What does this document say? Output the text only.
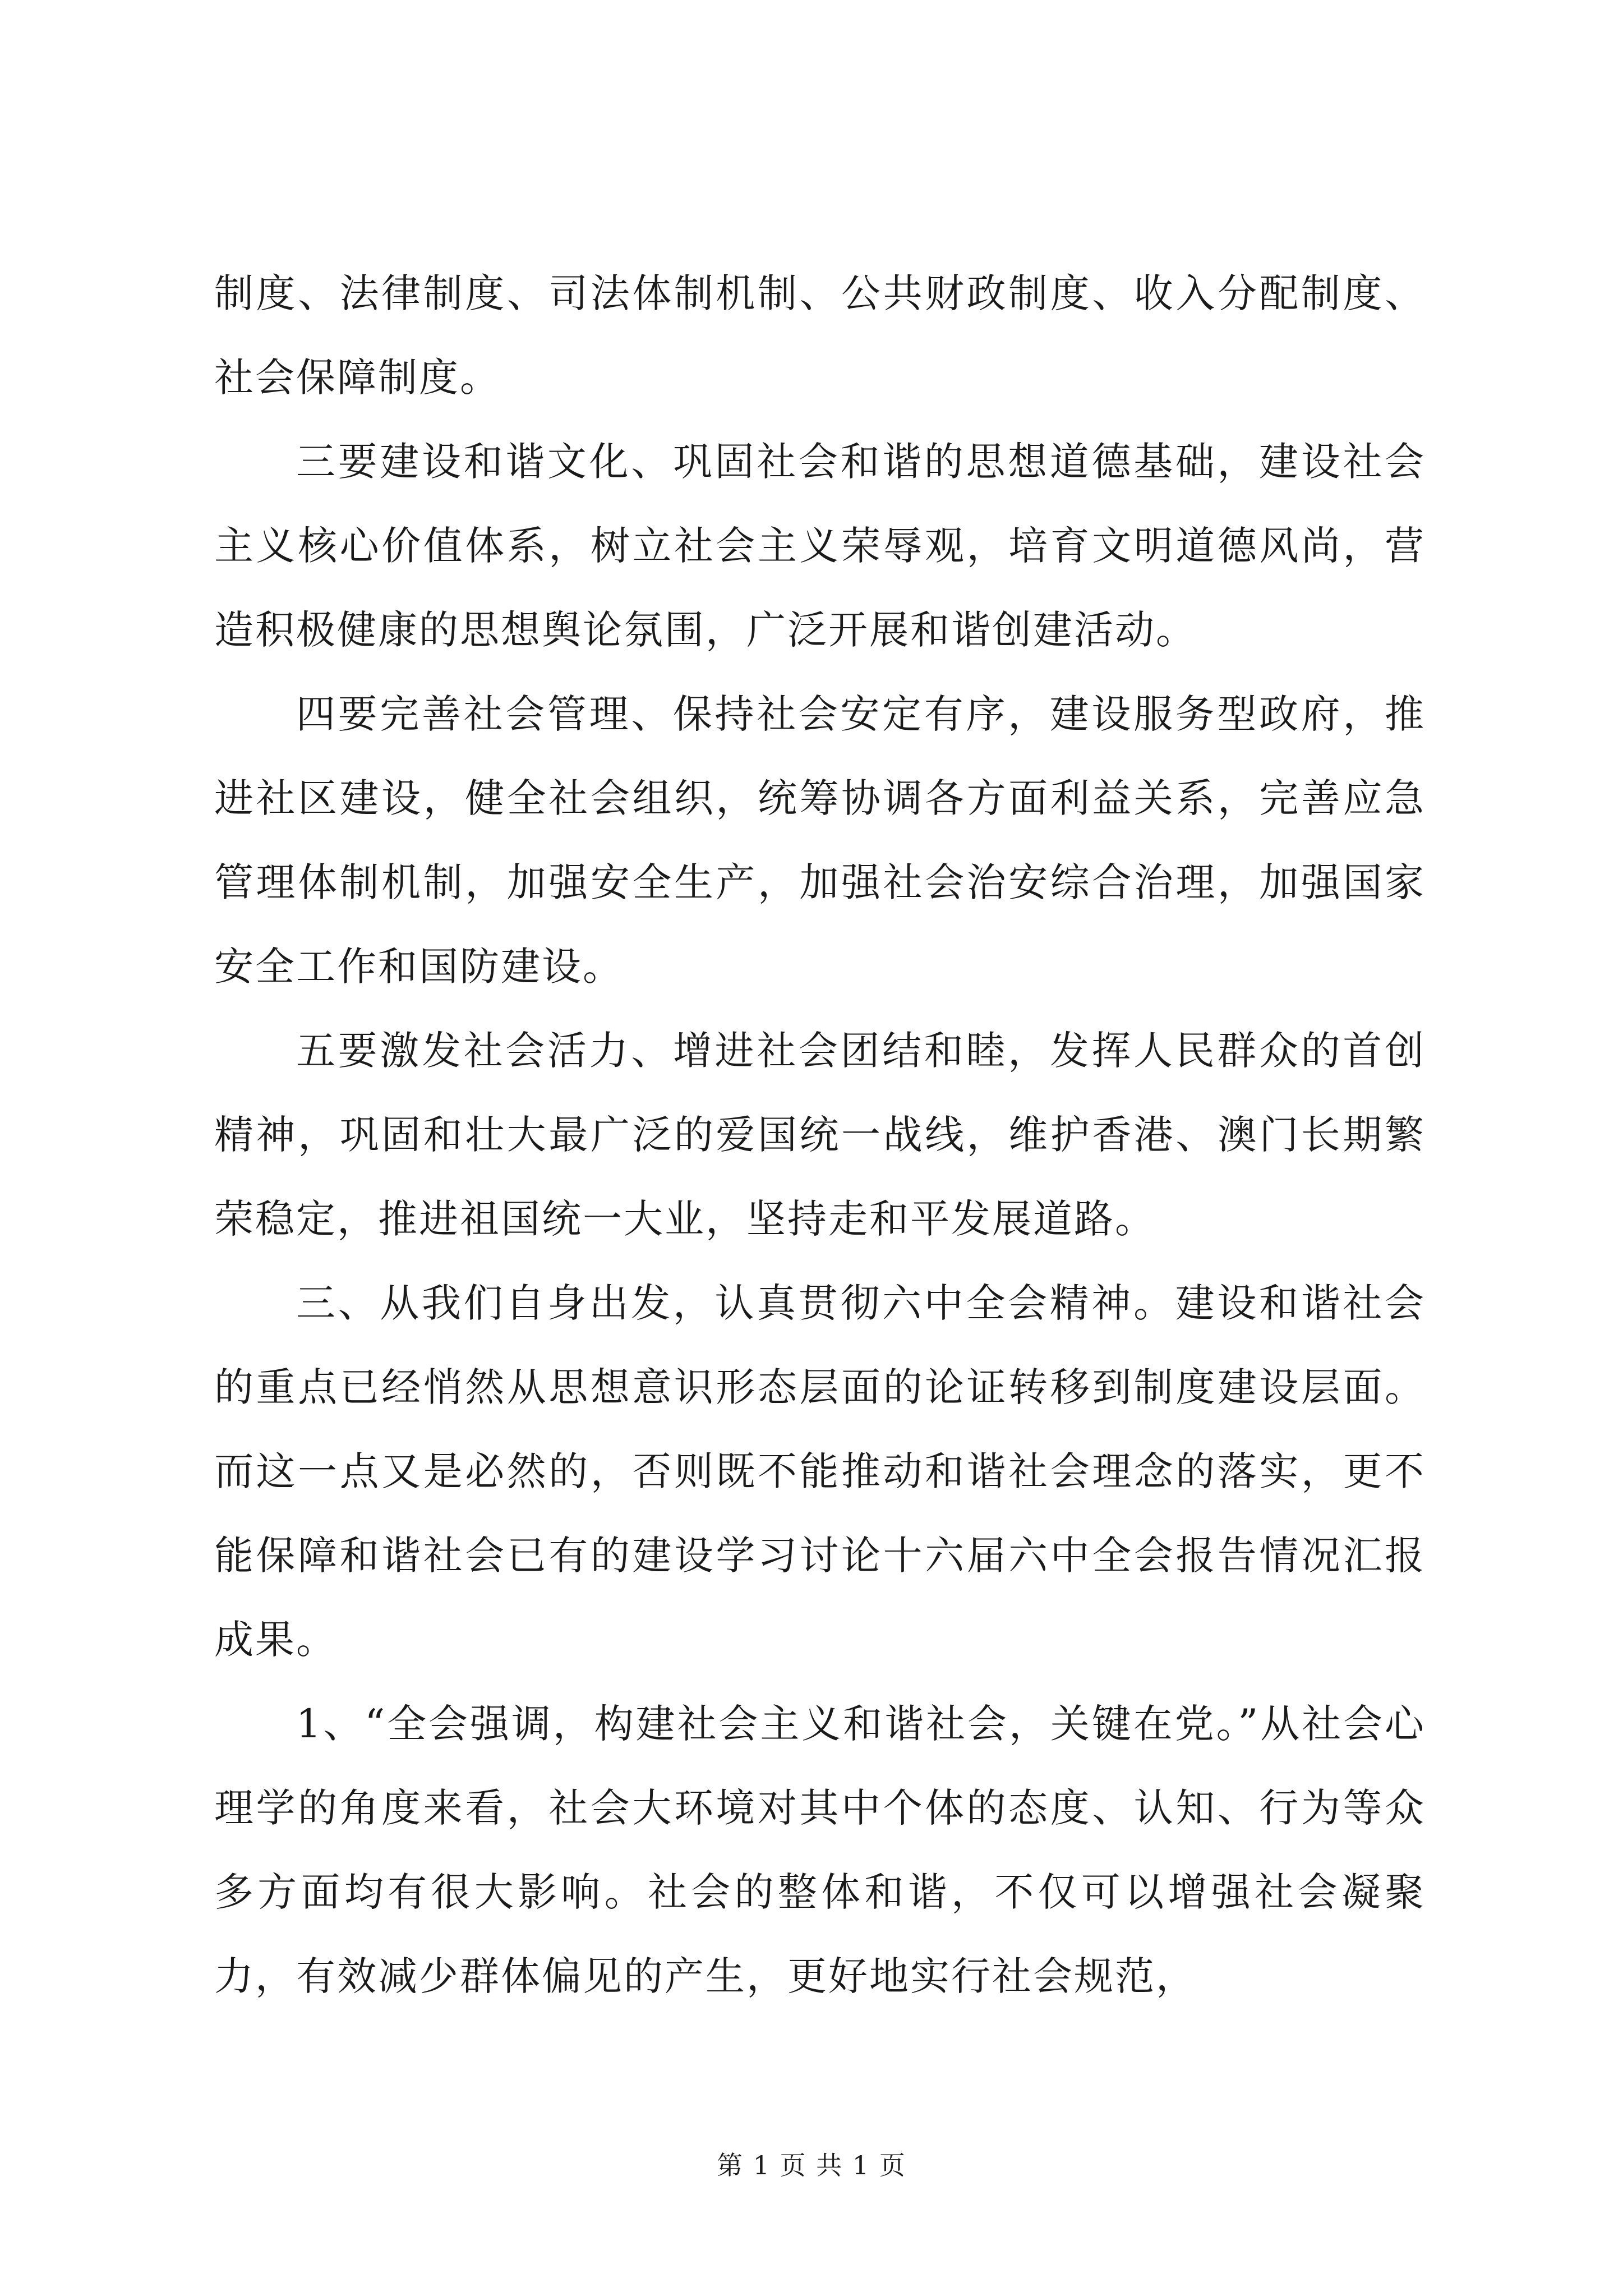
制度、法律制度、司法体制机制、公共财政制度、收入分配制度、社会保障制度。

三要建设和谐文化、巩固社会和谐的思想道德基础，建设社会主义核心价值体系，树立社会主义荣辱观，培育文明道德风尚，营造积极健康的思想舆论氛围，广泛开展和谐创建活动。

四要完善社会管理、保持社会安定有序，建设服务型政府，推进社区建设，健全社会组织，统筹协调各方面利益关系，完善应急管理体制机制，加强安全生产，加强社会治安综合治理，加强国家安全工作和国防建设。

五要激发社会活力、增进社会团结和睦，发挥人民群众的首创精神，巩固和壮大最广泛的爱国统一战线，维护香港、澳门长期繁荣稳定，推进祖国统一大业，坚持走和平发展道路。

三、从我们自身出发，认真贯彻六中全会精神。建设和谐社会的重点已经悄然从思想意识形态层面的论证转移到制度建设层面。而这一点又是必然的，否则既不能推动和谐社会理念的落实，更不能保障和谐社会已有的建设学习讨论十六届六中全会报告情况汇报成果。

1、“全会强调，构建社会主义和谐社会，关键在党。”从社会心理学的角度来看，社会大环境对其中个体的态度、认知、行为等众多方面均有很大影响。社会的整体和谐，不仅可以增强社会凝聚力，有效减少群体偏见的产生，更好地实行社会规范，

第 1 页 共 1 页
